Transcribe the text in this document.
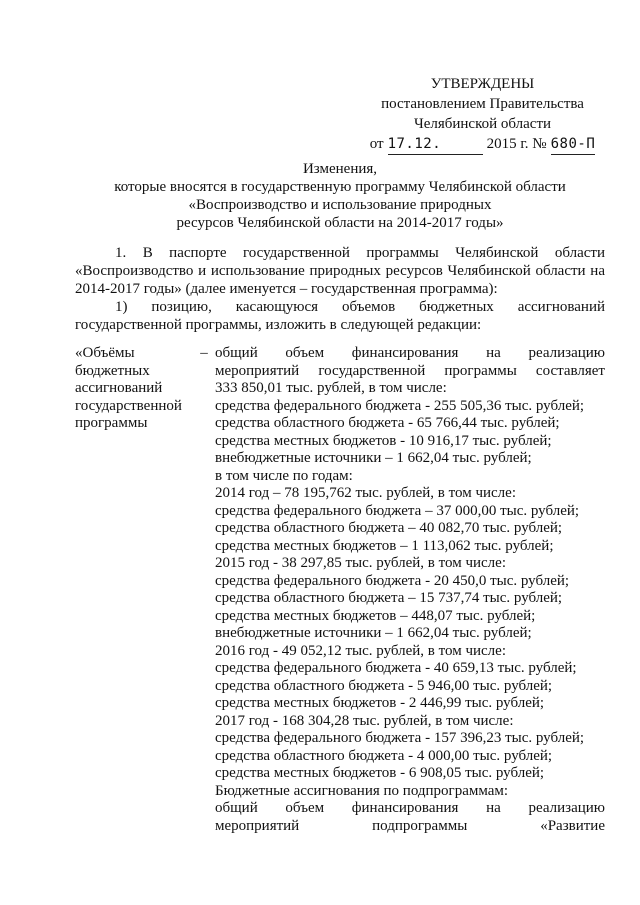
УТВЕРЖДЕНЫ
постановлением Правительства
Челябинской области
от 17.12.	2015 г. № 680-П
Изменения,
которые вносятся в государственную программу Челябинской области
«Воспроизводство и использование природных
ресурсов Челябинской области на 2014-2017 годы»

1. В паспорте государственной программы Челябинской области «Воспроизводство и использование природных ресурсов Челябинской области на 2014-2017 годы» (далее именуется – государственная программа):

1) позицию, касающуюся объемов бюджетных ассигнований государственной программы, изложить в следующей редакции:

«Объёмы бюджетных ассигнований государственной программы
– общий объем финансирования на реализацию
мероприятий государственной программы составляет
333 850,01 тыс. рублей, в том числе:
средства федерального бюджета - 255 505,36 тыс. рублей;
средства областного бюджета - 65 766,44 тыс. рублей;
средства местных бюджетов - 10 916,17 тыс. рублей;
внебюджетные источники – 1 662,04 тыс. рублей;
в том числе по годам:
2014 год – 78 195,762 тыс. рублей, в том числе:
средства федерального бюджета – 37 000,00 тыс. рублей;
средства областного бюджета – 40 082,70 тыс. рублей;
средства местных бюджетов – 1 113,062 тыс. рублей;
2015 год - 38 297,85 тыс. рублей, в том числе:
средства федерального бюджета - 20 450,0 тыс. рублей;
средства областного бюджета – 15 737,74 тыс. рублей;
средства местных бюджетов – 448,07 тыс. рублей;
внебюджетные источники – 1 662,04 тыс. рублей;
2016 год - 49 052,12 тыс. рублей, в том числе:
средства федерального бюджета - 40 659,13 тыс. рублей;
средства областного бюджета - 5 946,00 тыс. рублей;
средства местных бюджетов - 2 446,99 тыс. рублей;
2017 год - 168 304,28 тыс. рублей, в том числе:
средства федерального бюджета - 157 396,23 тыс. рублей;
средства областного бюджета - 4 000,00 тыс. рублей;
средства местных бюджетов - 6 908,05 тыс. рублей;
Бюджетные ассигнования по подпрограммам:
общий объем финансирования на реализацию
мероприятий подпрограммы «Развитие
